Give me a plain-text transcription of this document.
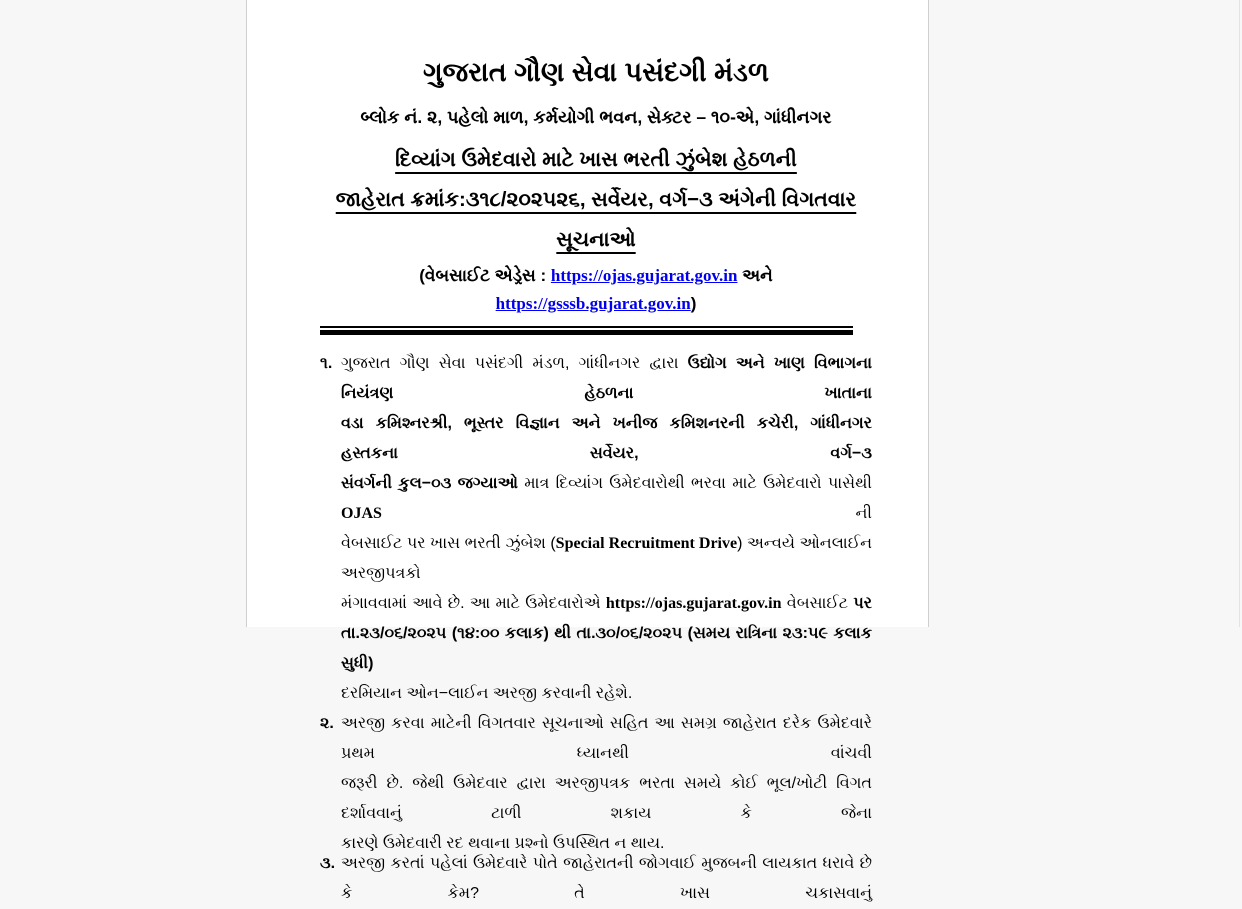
ગુજરાત ગૌણ સેવા પસંદગી મંડળ
બ્લોક નં. ૨, પહેલો માળ, કર્મયોગી ભવન, સેક્ટર – ૧૦-એ, ગાંધીનગર
દિવ્યાંગ ઉમેદવારો માટે ખાસ ભરતી ઝુંબેશ હેઠળની
જાહેરાત ક્રમાંક:૩૧૮/૨૦૨૫૨૬, સર્વેયર, વર્ગ−૩ અંગેની વિગતવાર
સૂચનાઓ
(વેબસાઈટ એડ્રેસ : https://ojas.gujarat.gov.in અને https://gsssb.gujarat.gov.in)
૧. ગુજરાત ગૌણ સેવા પસંદગી મંડળ, ગાંધીનગર દ્વારા ઉદ્યોગ અને ખાણ વિભાગના નિયંત્રણ હેઠળના ખાતાના
વડા કમિશ્નરશ્રી, ભૂસ્તર વિજ્ઞાન અને ખનીજ કમિશનરની કચેરી, ગાંધીનગર હસ્તકના સર્વેયર, વર્ગ−૩
સંવર્ગની કુલ−૦૩ જગ્યાઓ માત્ર દિવ્યાંગ ઉમેદવારોથી ભરવા માટે ઉમેદવારો પાસેથી OJAS ની
વેબસાઈટ પર ખાસ ભરતી ઝુંબેશ (Special Recruitment Drive) અન્વયે ઓનલાઈન અરજીપત્રકો
મંગાવવામાં આવે છે. આ માટે ઉમેદવારોએ https://ojas.gujarat.gov.in વેબસાઈટ પર
તા.૨૩/૦૬/૨૦૨૫ (૧૪:૦૦ કલાક) થી તા.૩૦/૦૬/૨૦૨૫ (સમય રાત્રિના ૨૩:૫૯ કલાક સુધી)
દરમિયાન ઓન−લાઈન અરજી કરવાની રહેશે.
૨. અરજી કરવા માટેની વિગતવાર સૂચનાઓ સહિત આ સમગ્ર જાહેરાત દરેક ઉમેદવારે પ્રથમ ધ્યાનથી વાંચવી
જરૂરી છે. જેથી ઉમેદવાર દ્વારા અરજીપત્રક ભરતા સમયે કોઈ ભૂલ/ખોટી વિગત દર્શાવવાનું ટાળી શકાય કે જેના
કારણે ઉમેદવારી રદ થવાના પ્રશ્નો ઉપસ્થિત ન થાય.
૩. અરજી કરતાં પહેલાં ઉમેદવારે પોતે જાહેરાતની જોગવાઈ મુજબની લાયકાત ધરાવે છે કે કેમ? તે ખાસ ચકાસવાનું
